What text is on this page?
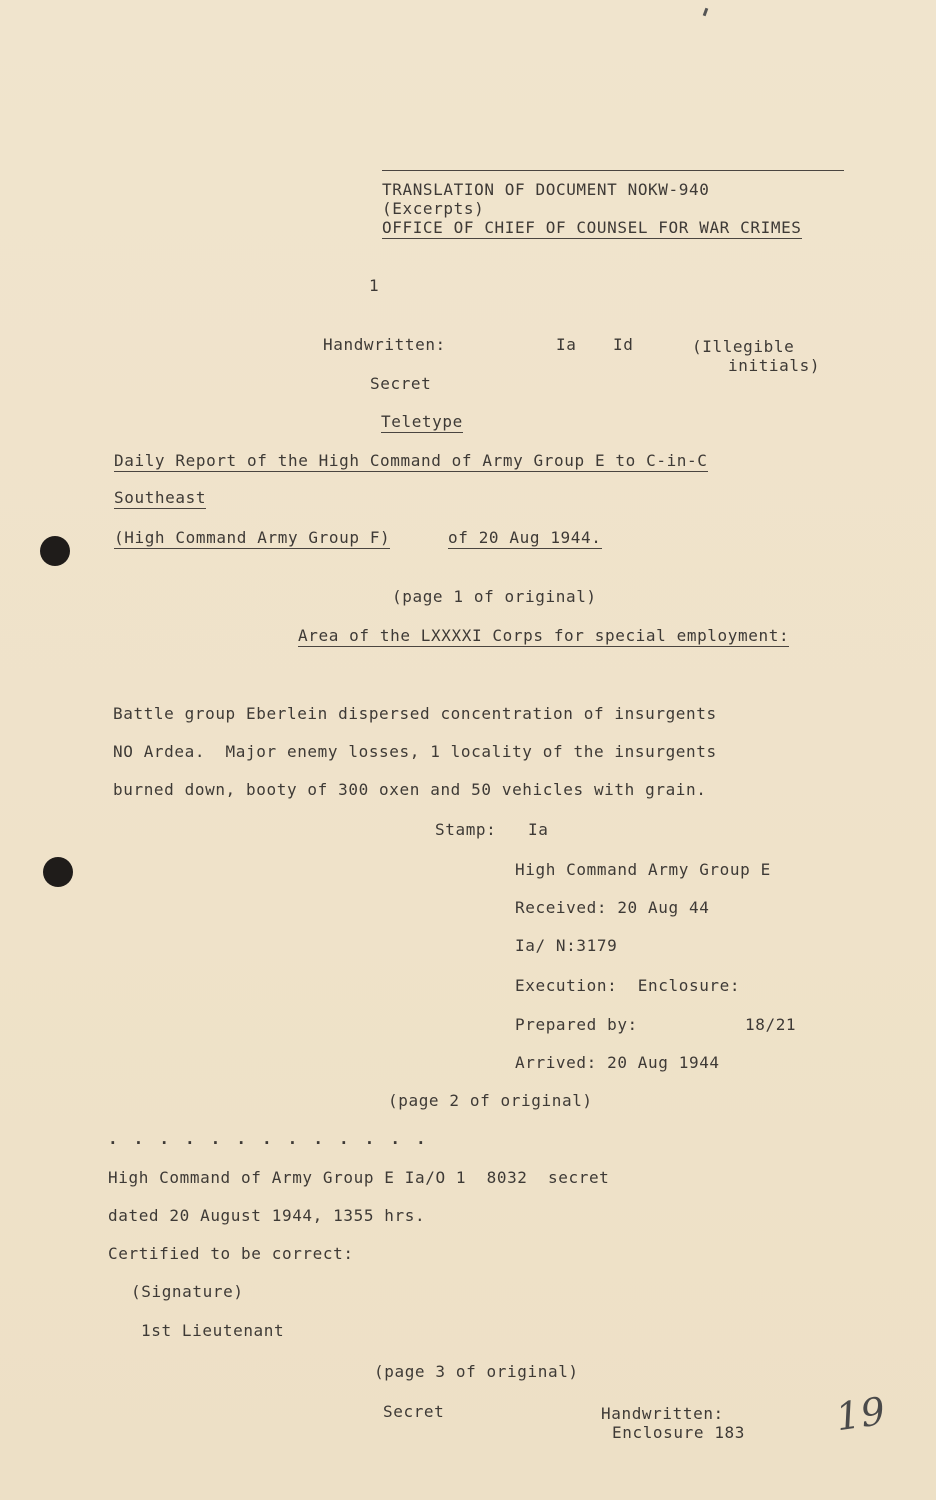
TRANSLATION OF DOCUMENT NOKW-940
(Excerpts)
OFFICE OF CHIEF OF COUNSEL FOR WAR CRIMES
1
Handwritten:	Ia Id	(Illegible
initials)
Secret
Teletype
Daily Report of the High Command of Army Group E to C-in-C
Southeast
(High Command Army Group F)	of 20 Aug 1944.
(page 1 of original)
Area of the LXXXXI Corps for special employment:
Battle group Eberlein dispersed concentration of insurgents
NO Ardea.  Major enemy losses, 1 locality of the insurgents
burned down, booty of 300 oxen and 50 vehicles with grain.
Stamp: Ia
High Command Army Group E
Received: 20 Aug 44
Ia/ N:3179
Execution:  Enclosure:
Prepared by:	18/21
Arrived: 20 Aug 1944
(page 2 of original)
. . . . . . . . . . . . .
High Command of Army Group E Ia/O 1  8032  secret
dated 20 August 1944, 1355 hrs.
Certified to be correct:
(Signature)
1st Lieutenant
(page 3 of original)
Secret	Handwritten:
Enclosure 183 19
